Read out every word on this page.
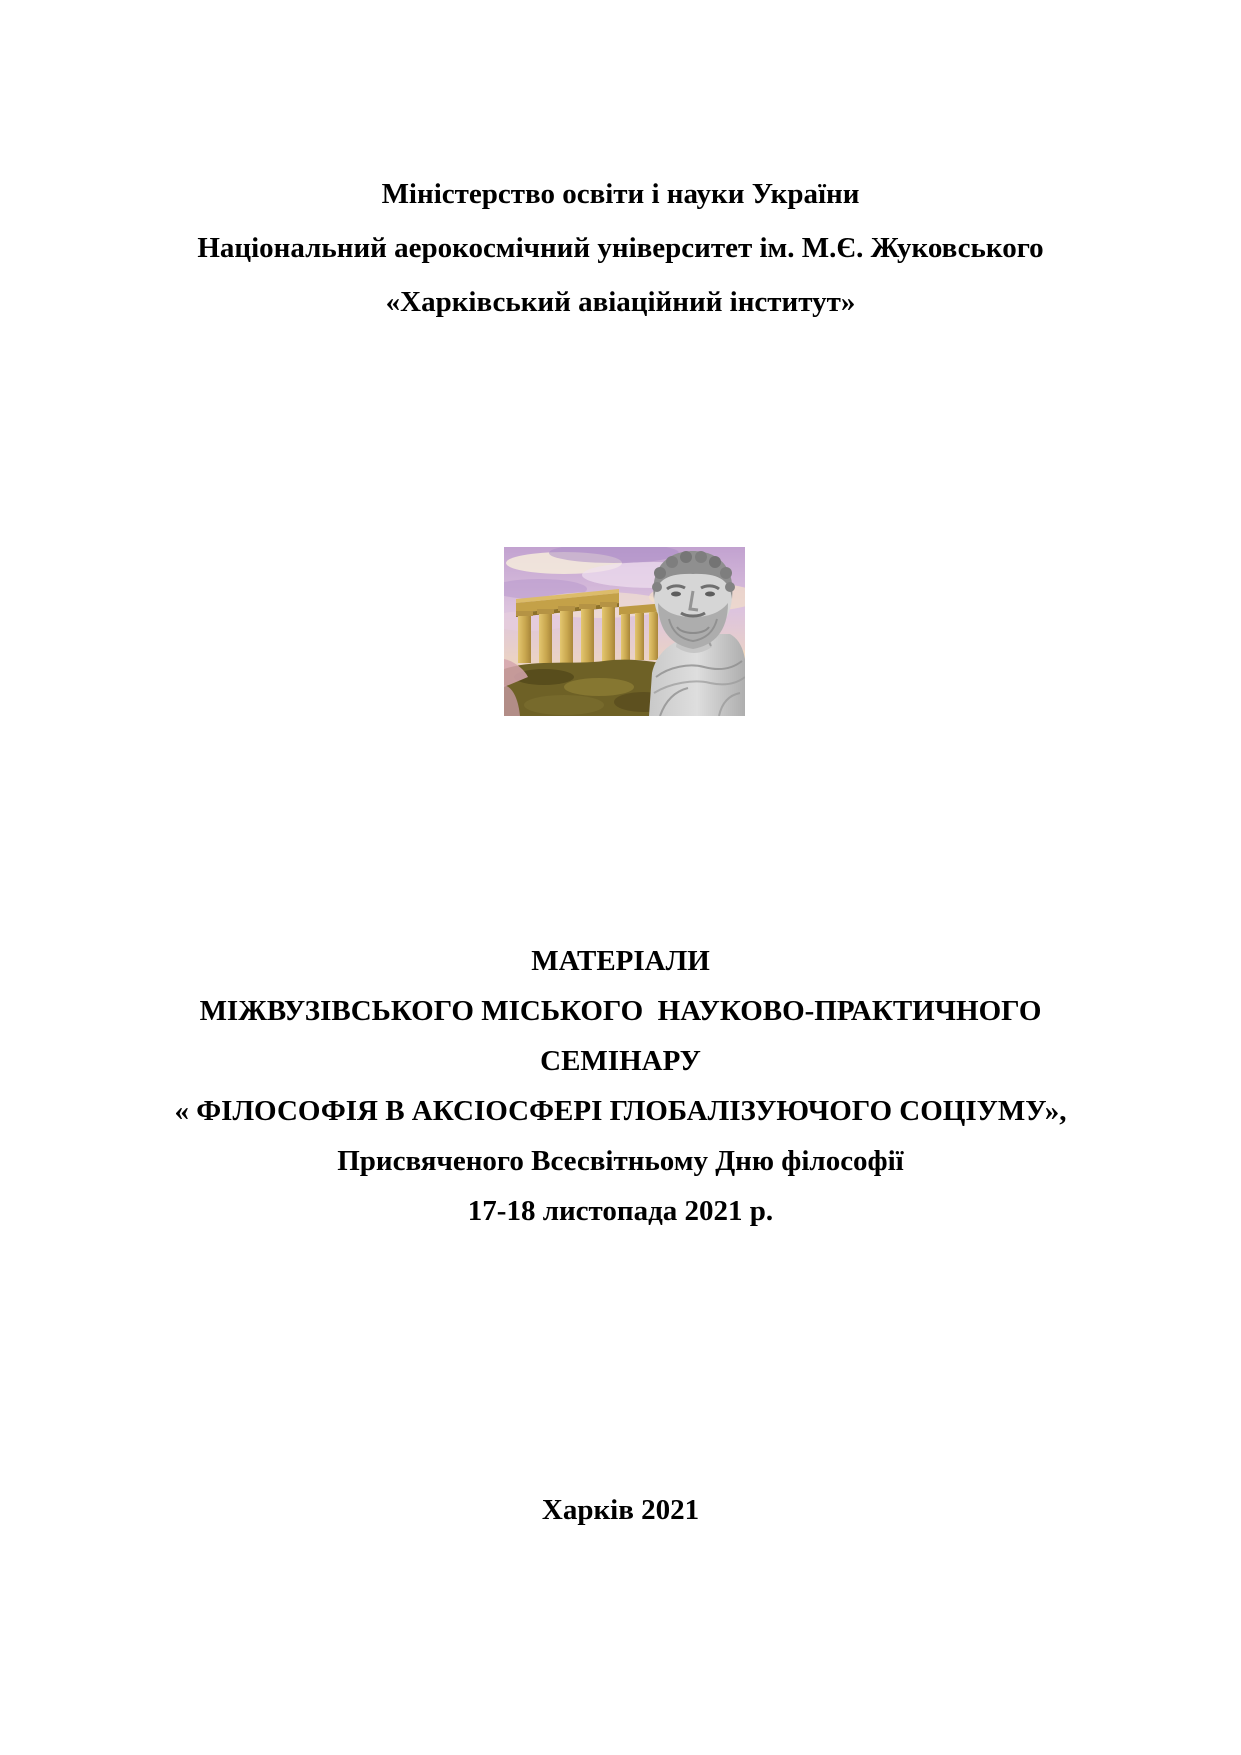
Міністерство освіти і науки України
Національний аерокосмічний університет ім. М.Є. Жуковського
«Харківський авіаційний інститут»
МАТЕРІАЛИ
МІЖВУЗІВСЬКОГО МІСЬКОГО  НАУКОВО-ПРАКТИЧНОГО
СЕМІНАРУ
« ФІЛОСОФІЯ В АКСІОСФЕРІ ГЛОБАЛІЗУЮЧОГО СОЦІУМУ»,
Присвяченого Всесвітньому Дню філософії
17-18 листопада 2021 р.
Харків 2021
